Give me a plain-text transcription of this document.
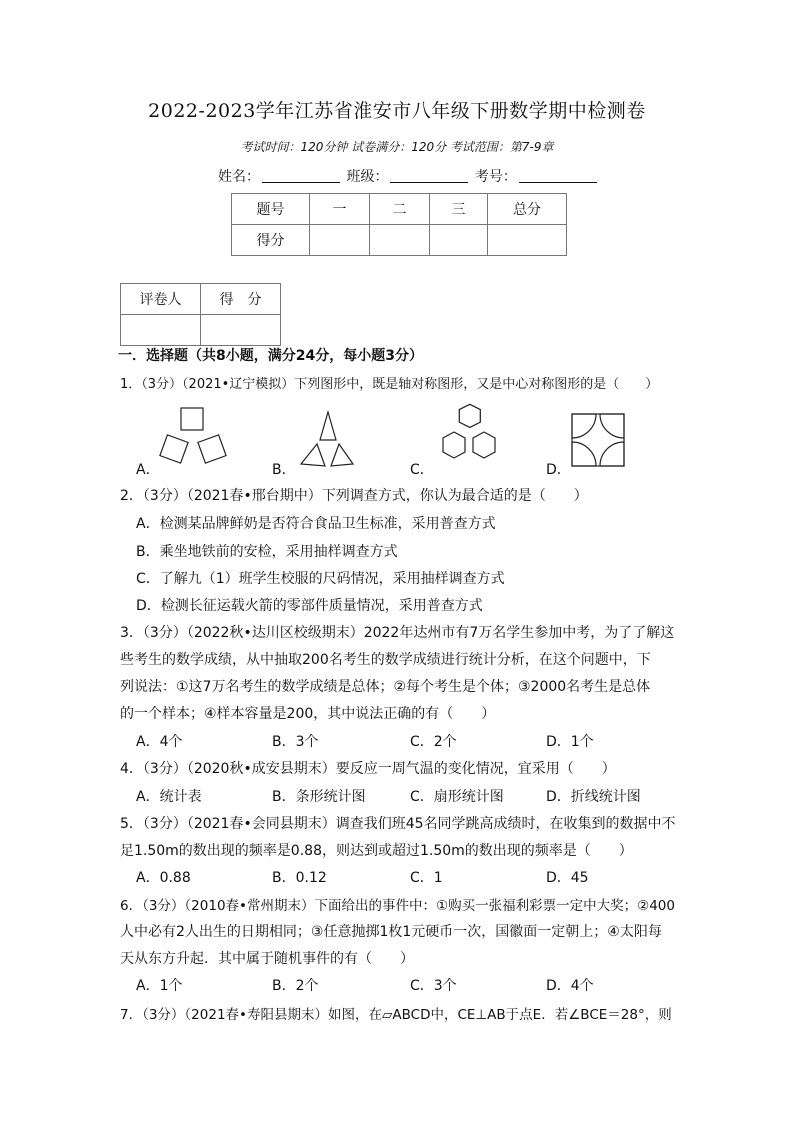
2022-2023学年江苏省淮安市八年级下册数学期中检测卷
考试时间：120分钟 试卷满分：120分 考试范围：第7-9章
姓名：	班级：	考号：
题号	一	二	三	总分
得分				
评卷人	得　分

一．选择题（共8小题，满分24分，每小题3分）
1．（3分）（2021•辽宁模拟）下列图形中，既是轴对称图形，又是中心对称图形的是（　　）
A．	B．	C．	D．
2．（3分）（2021春•邢台期中）下列调查方式，你认为最合适的是（　　）
A．检测某品牌鲜奶是否符合食品卫生标准，采用普查方式
B．乘坐地铁前的安检，采用抽样调查方式
C．了解九（1）班学生校服的尺码情况，采用抽样调查方式
D．检测长征运载火箭的零部件质量情况，采用普查方式
3．（3分）（2022秋•达川区校级期末）2022年达州市有7万名学生参加中考，为了了解这
些考生的数学成绩，从中抽取200名考生的数学成绩进行统计分析，在这个问题中，下
列说法：①这7万名考生的数学成绩是总体；②每个考生是个体；③2000名考生是总体
的一个样本；④样本容量是200，其中说法正确的有（　　）
A．4个	B．3个	C．2个	D．1个
4．（3分）（2020秋•成安县期末）要反应一周气温的变化情况，宜采用（　　）
A．统计表	B．条形统计图	C．扇形统计图	D．折线统计图
5．（3分）（2021春•会同县期末）调查我们班45名同学跳高成绩时，在收集到的数据中不
足1.50m的数出现的频率是0.88，则达到或超过1.50m的数出现的频率是（　　）
A．0.88	B．0.12	C．1	D．45
6．（3分）（2010春•常州期末）下面给出的事件中：①购买一张福利彩票一定中大奖；②400
人中必有2人出生的日期相同；③任意抛掷1枚1元硬币一次，国徽面一定朝上；④太阳每
天从东方升起．其中属于随机事件的有（　　）
A．1个	B．2个	C．3个	D．4个
7．（3分）（2021春•寿阳县期末）如图，在▱ABCD中，CE⊥AB于点E．若∠BCE＝28°，则
